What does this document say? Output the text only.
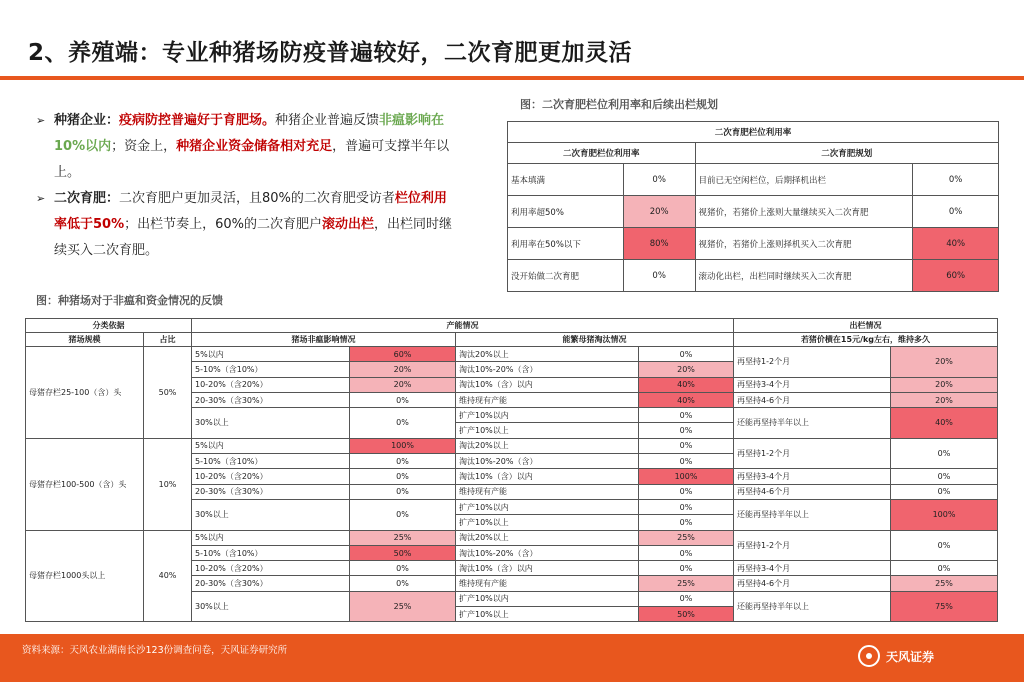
2、养殖端：专业种猪场防疫普遍较好，二次育肥更加灵活
➢ 种猪企业：疫病防控普遍好于育肥场。种猪企业普遍反馈非瘟影响在10%以内；资金上，种猪企业资金储备相对充足，普遍可支撑半年以上。
➢ 二次育肥：二次育肥户更加灵活，且80%的二次育肥受访者栏位利用率低于50%；出栏节奏上，60%的二次育肥户滚动出栏，出栏同时继续买入二次育肥。
图：二次育肥栏位利用率和后续出栏规划
二次育肥栏位利用率			
二次育肥栏位利用率		二次育肥规划	
基本填满	0%	目前已无空闲栏位，后期择机出栏	0%
利用率超50%	20%	视猪价，若猪价上涨则大量继续买入二次育肥	0%
利用率在50%以下	80%	视猪价，若猪价上涨则择机买入二次育肥	40%
没开始做二次育肥	0%	滚动化出栏，出栏同时继续买入二次育肥	60%
图：种猪场对于非瘟和资金情况的反馈
分类依据		产能情况				出栏情况	
猪场规模	占比	猪场非瘟影响情况		能繁母猪淘汰情况		若猪价横在15元/kg左右，维持多久	
母猪存栏25-100（含）头	50%	5%以内	60%	淘汰20%以上	0%	再坚持1-2个月	20%
		5-10%（含10%）	20%	淘汰10%-20%（含）	20%		
		10-20%（含20%）	20%	淘汰10%（含）以内	40%	再坚持3-4个月	20%
		20-30%（含30%）	0%	维持现有产能	40%	再坚持4-6个月	20%
		30%以上	0%	扩产10%以内	0%	还能再坚持半年以上	40%
				扩产10%以上	0%		
母猪存栏100-500（含）头	10%	5%以内	100%	淘汰20%以上	0%	再坚持1-2个月	0%
		5-10%（含10%）	0%	淘汰10%-20%（含）	0%		
		10-20%（含20%）	0%	淘汰10%（含）以内	100%	再坚持3-4个月	0%
		20-30%（含30%）	0%	维持现有产能	0%	再坚持4-6个月	0%
		30%以上	0%	扩产10%以内	0%	还能再坚持半年以上	100%
				扩产10%以上	0%		
母猪存栏1000头以上	40%	5%以内	25%	淘汰20%以上	25%	再坚持1-2个月	0%
		5-10%（含10%）	50%	淘汰10%-20%（含）	0%		
		10-20%（含20%）	0%	淘汰10%（含）以内	0%	再坚持3-4个月	0%
		20-30%（含30%）	0%	维持现有产能	25%	再坚持4-6个月	25%
		30%以上	25%	扩产10%以内	0%	还能再坚持半年以上	75%
				扩产10%以上	50%		
资料来源：天风农业湖南长沙123份调查问卷，天风证券研究所	天风证券
